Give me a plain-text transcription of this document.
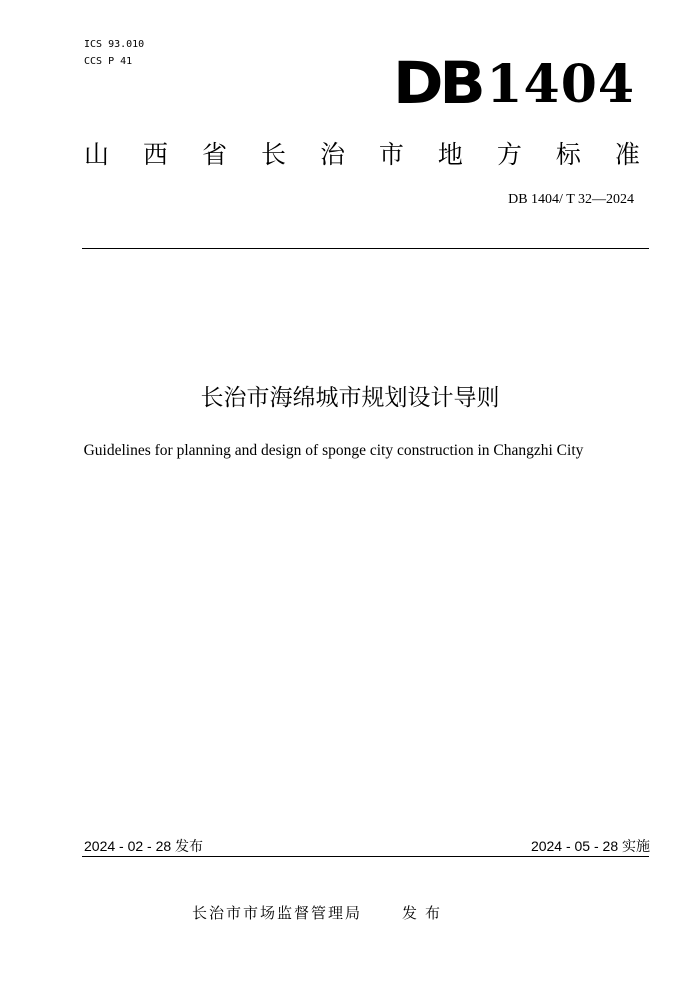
ICS 93.010
CCS P 41	DB 1404
山 西 省 长 治 市 地 方 标 准
DB 1404/ T 32—2024
长治市海绵城市规划设计导则
Guidelines for planning and design of sponge city construction in Changzhi City
2024 - 02 - 28 发布	2024 - 05 - 28 实施
长治市市场监督管理局	发布
